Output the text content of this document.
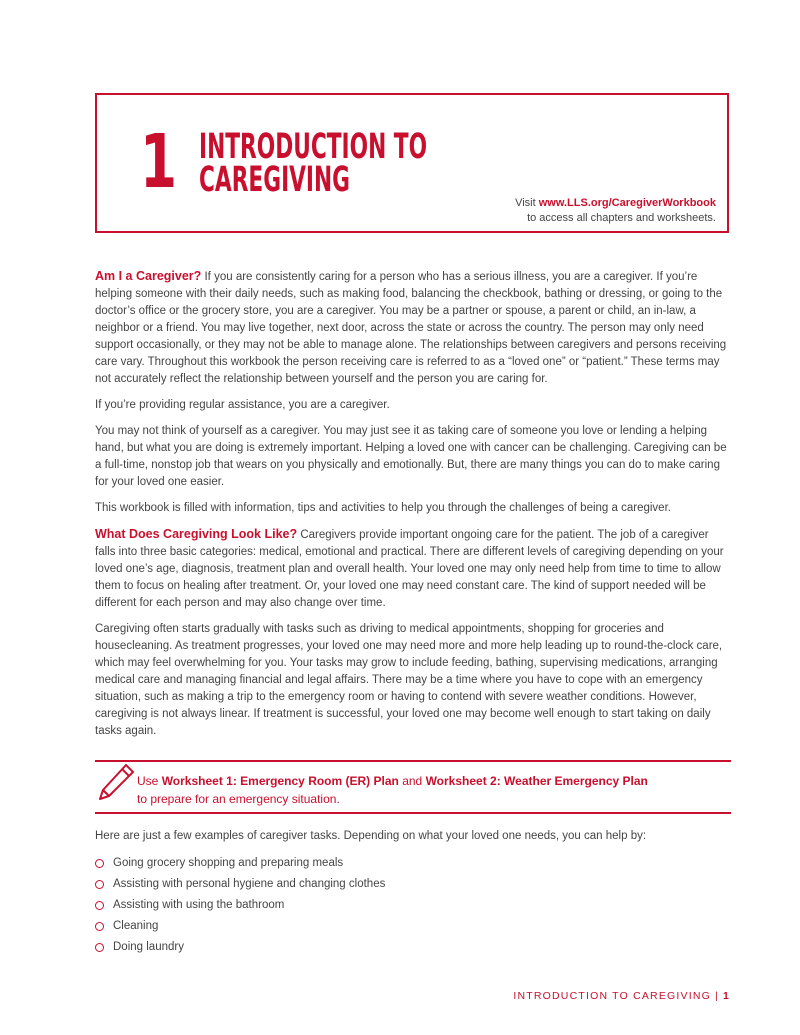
1 INTRODUCTION TO
CAREGIVING
Visit www.LLS.org/CaregiverWorkbook
to access all chapters and worksheets.

Am I a Caregiver? If you are consistently caring for a person who has a serious illness, you are a caregiver. If you’re helping someone with their daily needs, such as making food, balancing the checkbook, bathing or dressing, or going to the doctor’s office or the grocery store, you are a caregiver. You may be a partner or spouse, a parent or child, an in-law, a neighbor or a friend. You may live together, next door, across the state or across the country. The person may only need support occasionally, or they may not be able to manage alone. The relationships between caregivers and persons receiving care vary. Throughout this workbook the person receiving care is referred to as a “loved one” or “patient.” These terms may not accurately reflect the relationship between yourself and the person you are caring for.

If you’re providing regular assistance, you are a caregiver.

You may not think of yourself as a caregiver. You may just see it as taking care of someone you love or lending a helping hand, but what you are doing is extremely important. Helping a loved one with cancer can be challenging. Caregiving can be a full-time, nonstop job that wears on you physically and emotionally. But, there are many things you can do to make caring for your loved one easier.

This workbook is filled with information, tips and activities to help you through the challenges of being a caregiver.

What Does Caregiving Look Like? Caregivers provide important ongoing care for the patient. The job of a caregiver falls into three basic categories: medical, emotional and practical. There are different levels of caregiving depending on your loved one’s age, diagnosis, treatment plan and overall health. Your loved one may only need help from time to time to allow them to focus on healing after treatment. Or, your loved one may need constant care. The kind of support needed will be different for each person and may also change over time.

Caregiving often starts gradually with tasks such as driving to medical appointments, shopping for groceries and housecleaning. As treatment progresses, your loved one may need more and more help leading up to round-the-clock care, which may feel overwhelming for you. Your tasks may grow to include feeding, bathing, supervising medications, arranging medical care and managing financial and legal affairs. There may be a time where you have to cope with an emergency situation, such as making a trip to the emergency room or having to contend with severe weather conditions. However, caregiving is not always linear. If treatment is successful, your loved one may become well enough to start taking on daily tasks again.

Use Worksheet 1: Emergency Room (ER) Plan and Worksheet 2: Weather Emergency Plan to prepare for an emergency situation.
Here are just a few examples of caregiver tasks. Depending on what your loved one needs, you can help by:
Going grocery shopping and preparing meals
Assisting with personal hygiene and changing clothes
Assisting with using the bathroom
Cleaning
Doing laundry
INTRODUCTION TO CAREGIVING | 1
